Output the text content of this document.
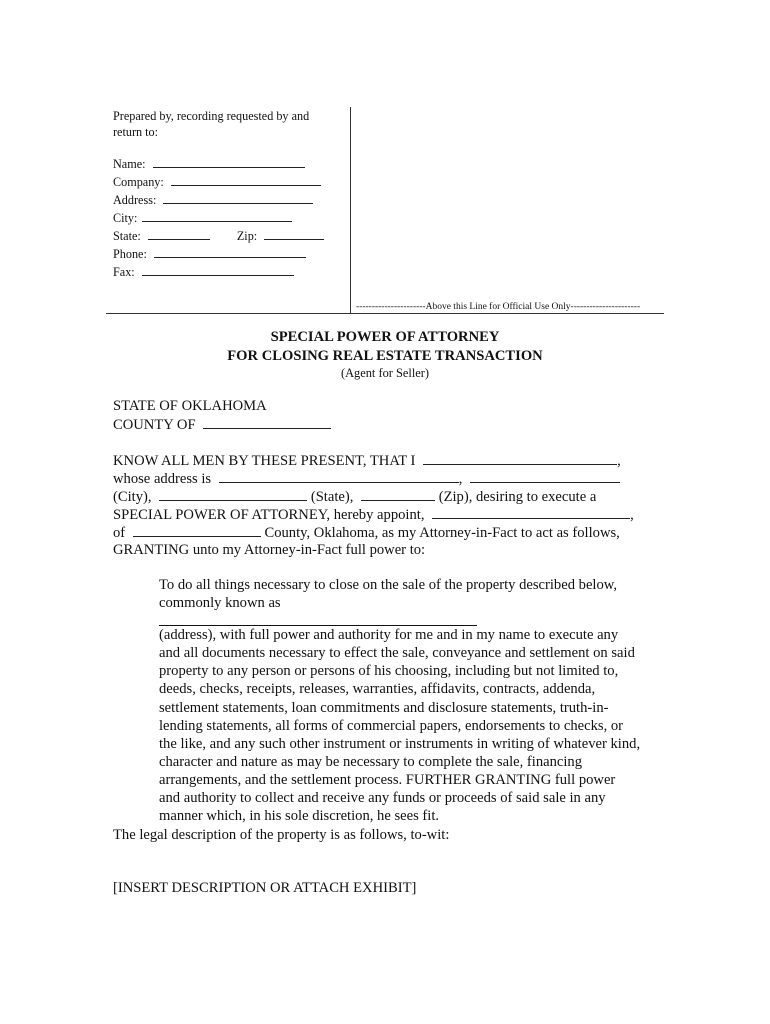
Prepared by, recording requested by and
return to:
Name:
Company:
Address:
City:
State:	Zip:
Phone:
Fax:
----------------------Above this Line for Official Use Only----------------------
SPECIAL POWER OF ATTORNEY
FOR CLOSING REAL ESTATE TRANSACTION
(Agent for Seller)
STATE OF OKLAHOMA
COUNTY OF
KNOW ALL MEN BY THESE PRESENT, THAT I	,
whose address is	,
(City),	(State),	(Zip), desiring to execute a
SPECIAL POWER OF ATTORNEY, hereby appoint,	,
of	County, Oklahoma, as my Attorney-in-Fact to act as follows,
GRANTING unto my Attorney-in-Fact full power to:
To do all things necessary to close on the sale of the property described below,
commonly known as
(address), with full power and authority for me and in my name to execute any
and all documents necessary to effect the sale, conveyance and settlement on said
property to any person or persons of his choosing, including but not limited to,
deeds, checks, receipts, releases, warranties, affidavits, contracts, addenda,
settlement statements, loan commitments and disclosure statements, truth-in-
lending statements, all forms of commercial papers, endorsements to checks, or
the like, and any such other instrument or instruments in writing of whatever kind,
character and nature as may be necessary to complete the sale, financing
arrangements, and the settlement process. FURTHER GRANTING full power
and authority to collect and receive any funds or proceeds of said sale in any
manner which, in his sole discretion, he sees fit.
The legal description of the property is as follows, to-wit:
[INSERT DESCRIPTION OR ATTACH EXHIBIT]
